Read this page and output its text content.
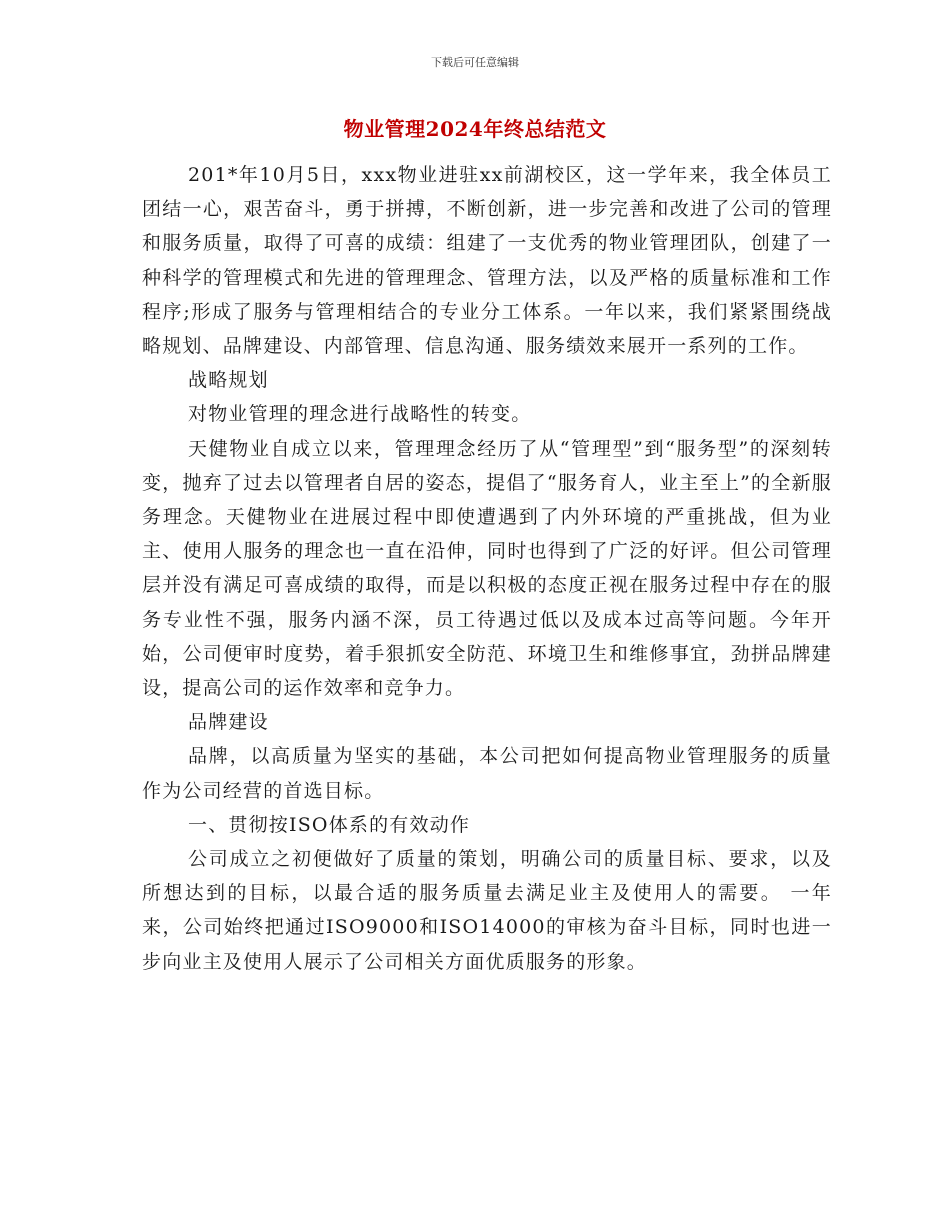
下载后可任意编辑
物业管理2024年终总结范文

201*年10月5日，xxx物业进驻xx前湖校区，这一学年来，我全体员工团结一心，艰苦奋斗，勇于拼搏，不断创新，进一步完善和改进了公司的管理和服务质量，取得了可喜的成绩：组建了一支优秀的物业管理团队，创建了一种科学的管理模式和先进的管理理念、管理方法，以及严格的质量标准和工作程序;形成了服务与管理相结合的专业分工体系。一年以来，我们紧紧围绕战略规划、品牌建设、内部管理、信息沟通、服务绩效来展开一系列的工作。

战略规划

对物业管理的理念进行战略性的转变。

天健物业自成立以来，管理理念经历了从“管理型”到“服务型”的深刻转变，抛弃了过去以管理者自居的姿态，提倡了“服务育人，业主至上”的全新服务理念。天健物业在进展过程中即使遭遇到了内外环境的严重挑战，但为业主、使用人服务的理念也一直在沿伸，同时也得到了广泛的好评。但公司管理层并没有满足可喜成绩的取得，而是以积极的态度正视在服务过程中存在的服务专业性不强，服务内涵不深，员工待遇过低以及成本过高等问题。今年开始，公司便审时度势，着手狠抓安全防范、环境卫生和维修事宜，劲拼品牌建设，提高公司的运作效率和竞争力。

品牌建设

品牌，以高质量为坚实的基础，本公司把如何提高物业管理服务的质量作为公司经营的首选目标。

一、贯彻按ISO体系的有效动作

公司成立之初便做好了质量的策划，明确公司的质量目标、要求，以及所想达到的目标，以最合适的服务质量去满足业主及使用人的需要。 一年来，公司始终把通过ISO9000和ISO14000的审核为奋斗目标，同时也进一步向业主及使用人展示了公司相关方面优质服务的形象。
